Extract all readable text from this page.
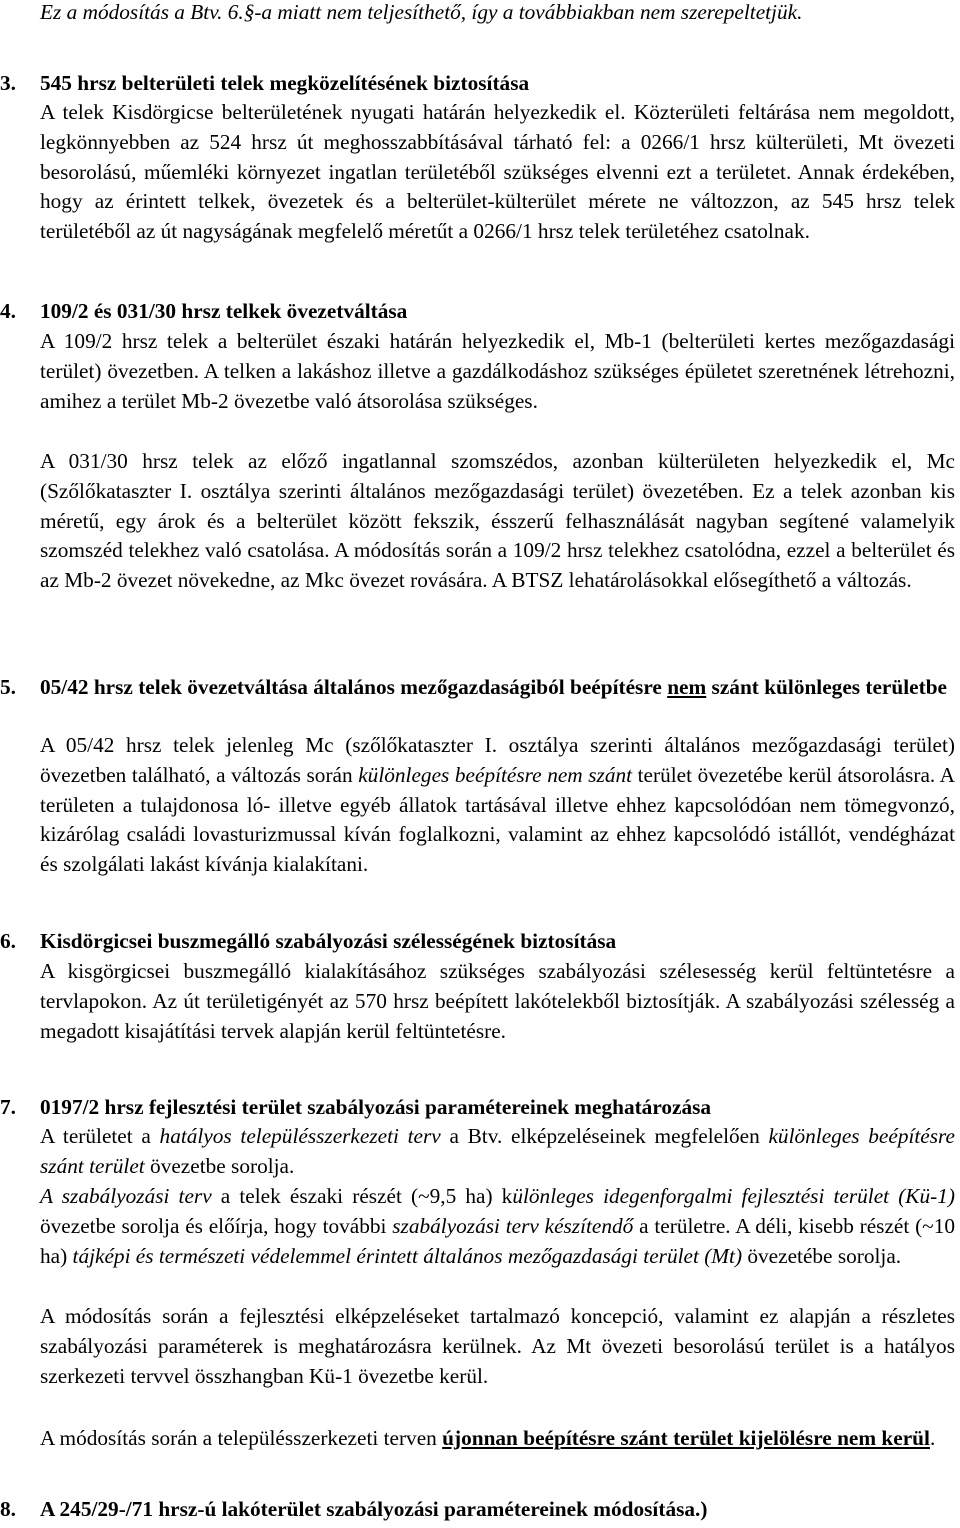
Ez a módosítás a Btv. 6.§-a miatt nem teljesíthető, így a továbbiakban nem szerepeltetjük.

3. 545 hrsz belterületi telek megközelítésének biztosítása

A telek Kisdörgicse belterületének nyugati határán helyezkedik el. Közterületi feltárása nem megoldott, legkönnyebben az 524 hrsz út meghosszabbításával tárható fel: a 0266/1 hrsz külterületi, Mt övezeti besorolású, műemléki környezet ingatlan területéből szükséges elvenni ezt a területet. Annak érdekében, hogy az érintett telkek, övezetek és a belterület-külterület mérete ne változzon, az 545 hrsz telek területéből az út nagyságának megfelelő méretűt a 0266/1 hrsz telek területéhez csatolnak.

4. 109/2 és 031/30 hrsz telkek övezetváltása

A 109/2 hrsz telek a belterület északi határán helyezkedik el, Mb-1 (belterületi kertes mezőgazdasági terület) övezetben. A telken a lakáshoz illetve a gazdálkodáshoz szükséges épületet szeretnének létrehozni, amihez a terület Mb-2 övezetbe való átsorolása szükséges.

A 031/30 hrsz telek az előző ingatlannal szomszédos, azonban külterületen helyezkedik el, Mc (Szőlőkataszter I. osztálya szerinti általános mezőgazdasági terület) övezetében. Ez a telek azonban kis méretű, egy árok és a belterület között fekszik, ésszerű felhasználását nagyban segítené valamelyik szomszéd telekhez való csatolása. A módosítás során a 109/2 hrsz telekhez csatolódna, ezzel a belterület és az Mb-2 övezet növekedne, az Mkc övezet rovására. A BTSZ lehatárolásokkal elősegíthető a változás.

5. 05/42 hrsz telek övezetváltása általános mezőgazdaságiból beépítésre nem szánt különleges területbe

A 05/42 hrsz telek jelenleg Mc (szőlőkataszter I. osztálya szerinti általános mezőgazdasági terület) övezetben található, a változás során különleges beépítésre nem szánt terület övezetébe kerül átsorolásra. A területen a tulajdonosa ló- illetve egyéb állatok tartásával illetve ehhez kapcsolódóan nem tömegvonzó, kizárólag családi lovasturizmussal kíván foglalkozni, valamint az ehhez kapcsolódó istállót, vendégházat és szolgálati lakást kívánja kialakítani.

6. Kisdörgicsei buszmegálló szabályozási szélességének biztosítása

A kisgörgicsei buszmegálló kialakításához szükséges szabályozási szélesesség kerül feltüntetésre a tervlapokon. Az út területigényét az 570 hrsz beépített lakótelekből biztosítják. A szabályozási szélesség a megadott kisajátítási tervek alapján kerül feltüntetésre.

7. 0197/2 hrsz fejlesztési terület szabályozási paramétereinek meghatározása

A területet a hatályos településszerkezeti terv a Btv. elképzeléseinek megfelelően különleges beépítésre szánt terület övezetbe sorolja.

A szabályozási terv a telek északi részét (~9,5 ha) különleges idegenforgalmi fejlesztési terület (Kü-1) övezetbe sorolja és előírja, hogy további szabályozási terv készítendő a területre. A déli, kisebb részét (~10 ha) tájképi és természeti védelemmel érintett általános mezőgazdasági terület (Mt) övezetébe sorolja.

A módosítás során a fejlesztési elképzeléseket tartalmazó koncepció, valamint ez alapján a részletes szabályozási paraméterek is meghatározásra kerülnek. Az Mt övezeti besorolású terület is a hatályos szerkezeti tervvel összhangban Kü-1 övezetbe kerül.

A módosítás során a településszerkezeti terven újonnan beépítésre szánt terület kijelölésre nem kerül.

8. A 245/29-/71 hrsz-ú lakóterület szabályozási paramétereinek módosítása.)
